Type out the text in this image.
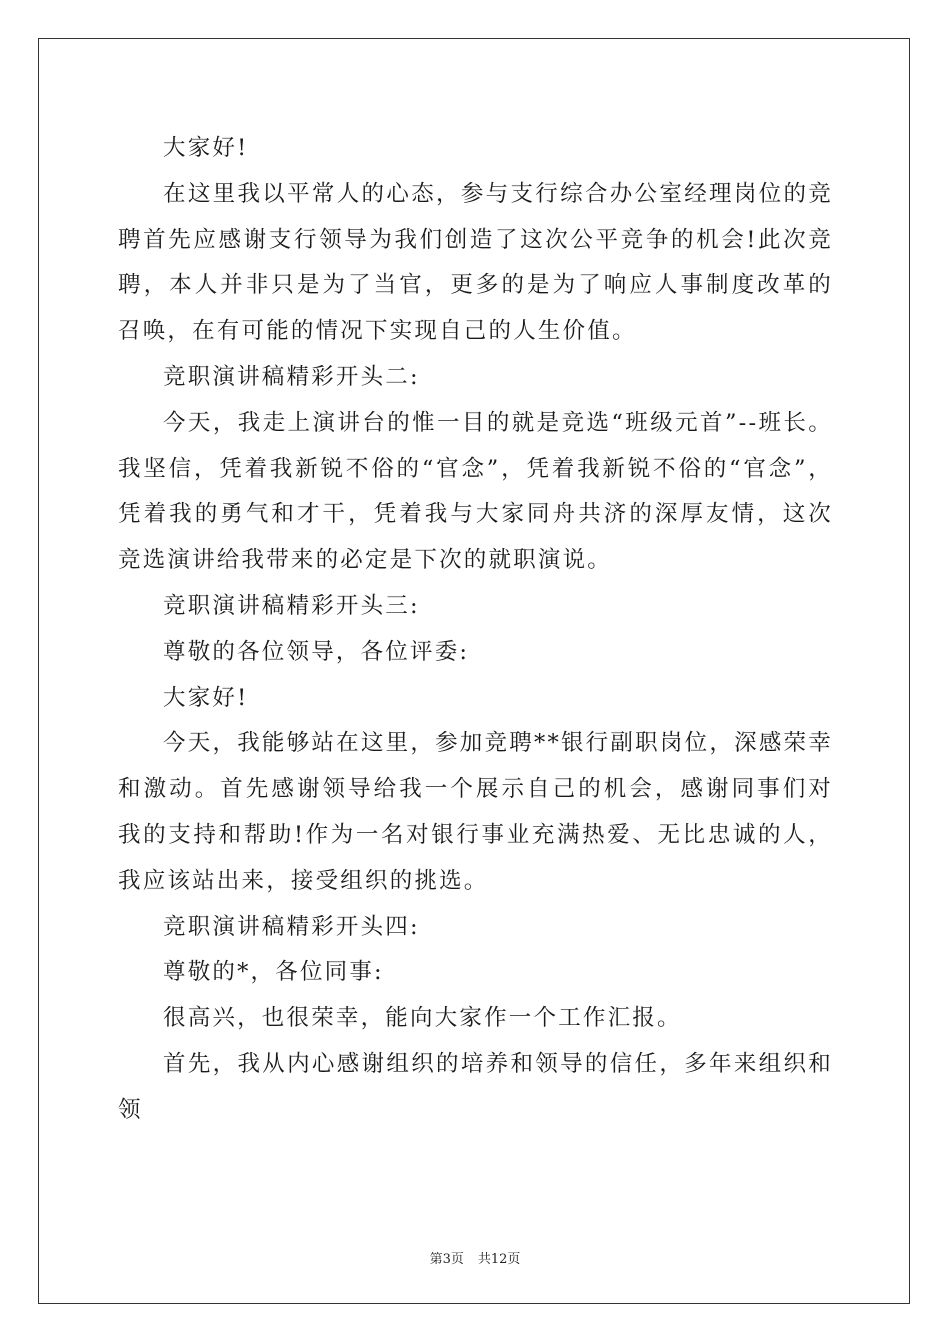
大家好!

在这里我以平常人的心态，参与支行综合办公室经理岗位的竞聘首先应感谢支行领导为我们创造了这次公平竞争的机会!此次竞聘，本人并非只是为了当官，更多的是为了响应人事制度改革的召唤，在有可能的情况下实现自己的人生价值。

竞职演讲稿精彩开头二:

今天，我走上演讲台的惟一目的就是竞选“班级元首”--班长。我坚信，凭着我新锐不俗的“官念”，凭着我新锐不俗的“官念”，凭着我的勇气和才干，凭着我与大家同舟共济的深厚友情，这次竞选演讲给我带来的必定是下次的就职演说。

竞职演讲稿精彩开头三:

尊敬的各位领导，各位评委:

大家好!

今天，我能够站在这里，参加竞聘**银行副职岗位，深感荣幸和激动。首先感谢领导给我一个展示自己的机会，感谢同事们对我的支持和帮助!作为一名对银行事业充满热爱、无比忠诚的人，我应该站出来，接受组织的挑选。

竞职演讲稿精彩开头四:

尊敬的*，各位同事:

很高兴，也很荣幸，能向大家作一个工作汇报。

首先，我从内心感谢组织的培养和领导的信任，多年来组织和领

第3页 共12页
